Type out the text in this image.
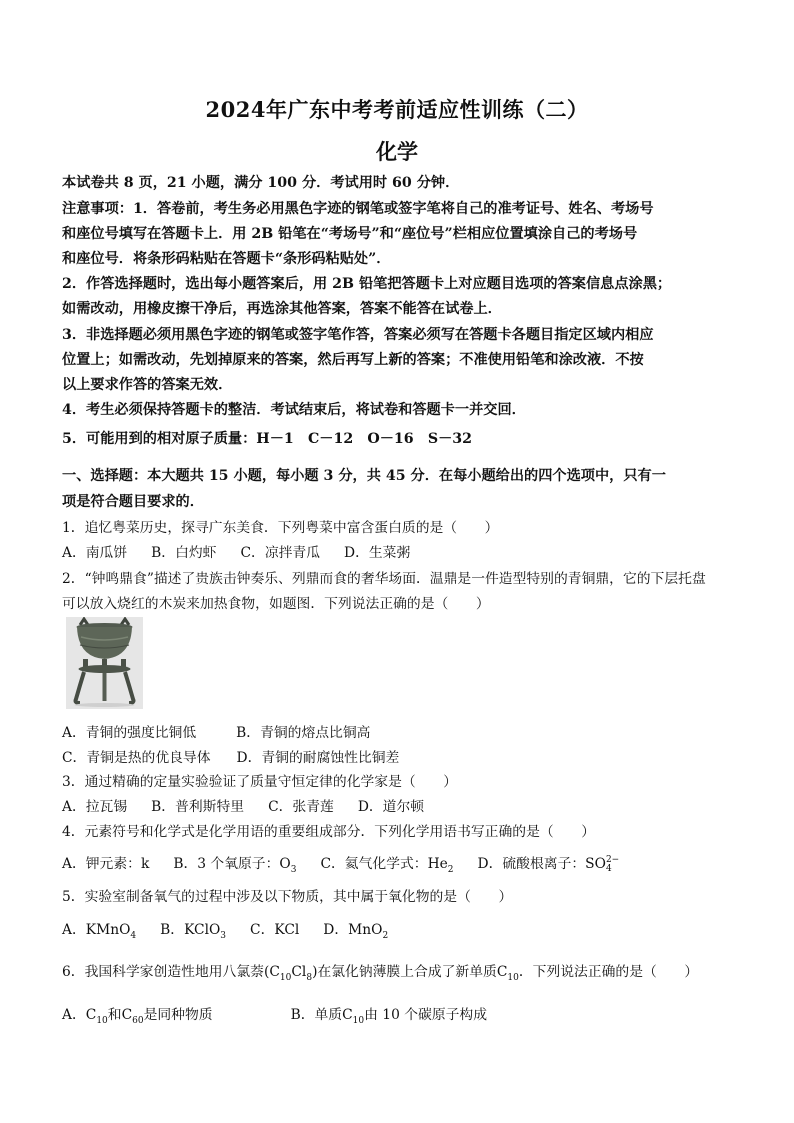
2024年广东中考考前适应性训练（二）
化学
本试卷共 8 页，21 小题，满分 100 分．考试用时 60 分钟．
注意事项：1．答卷前，考生务必用黑色字迹的钢笔或签字笔将自己的准考证号、姓名、考场号
和座位号填写在答题卡上．用 2B 铅笔在“考场号”和“座位号”栏相应位置填涂自己的考场号
和座位号．将条形码粘贴在答题卡“条形码粘贴处”．
2．作答选择题时，选出每小题答案后，用 2B 铅笔把答题卡上对应题目选项的答案信息点涂黑；
如需改动，用橡皮擦干净后，再选涂其他答案，答案不能答在试卷上．
3．非选择题必须用黑色字迹的钢笔或签字笔作答，答案必须写在答题卡各题目指定区域内相应
位置上；如需改动，先划掉原来的答案，然后再写上新的答案；不准使用铅笔和涂改液．不按
以上要求作答的答案无效．
4．考生必须保持答题卡的整洁．考试结束后，将试卷和答题卡一并交回．
5．可能用到的相对原子质量：H－1　C－12　O－16　S－32
一、选择题：本大题共 15 小题，每小题 3 分，共 45 分．在每小题给出的四个选项中，只有一
项是符合题目要求的．
1．追忆粤菜历史，探寻广东美食．下列粤菜中富含蛋白质的是（　　）
A．南瓜饼 B．白灼虾 C．凉拌青瓜 D．生菜粥
2．“钟鸣鼎食”描述了贵族击钟奏乐、列鼎而食的奢华场面．温鼎是一件造型特别的青铜鼎，它的下层托盘
可以放入烧红的木炭来加热食物，如题图．下列说法正确的是（　　）
A．青铜的强度比铜低	B．青铜的熔点比铜高
C．青铜是热的优良导体 D．青铜的耐腐蚀性比铜差
3．通过精确的定量实验验证了质量守恒定律的化学家是（　　）
A．拉瓦锡 B．普利斯特里 C．张青莲 D．道尔顿
4．元素符号和化学式是化学用语的重要组成部分．下列化学用语书写正确的是（　　）
A．钾元素：k B．3 个氧原子：$O_3$ C．氦气化学式：$He_2$ D．硫酸根离子：SO2−
4
5．实验室制备氧气的过程中涉及以下物质，其中属于氧化物的是（　　）
A．KMnO$_4$ B．KClO$_3$ C．KCl D．MnO$_2$
6．我国科学家创造性地用八氯萘$(C_{10}Cl_8)$在氯化钠薄膜上合成了新单质$C_{10}$．下列说法正确的是（　　）
A．$C_{10}$和$C_{60}$是同种物质	B．单质$C_{10}$由 10 个碳原子构成
